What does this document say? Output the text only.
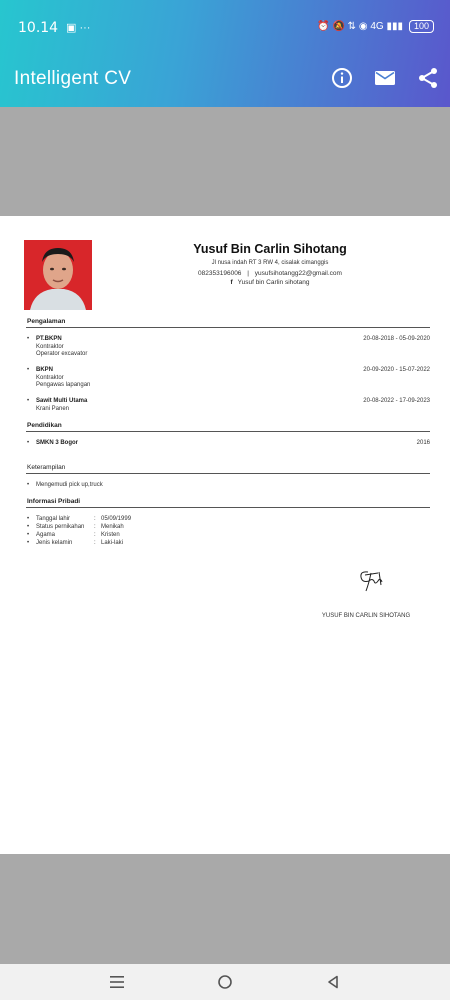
10.14 ▣ ···	⏰ 🔕 ⇅ ◉ 4G ▮▮▮	100
Intelligent CV
Yusuf Bin Carlin Sihotang
Jl nusa indah RT 3 RW 4, cisalak cimanggis
082353196006 | yusufsihotangg22@gmail.com
f Yusuf bin Carlin sihotang
Pengalaman
• PT.BKPN
Kontraktor
Operator excavator
20-08-2018 - 05-09-2020
• BKPN
Kontraktor
Pengawas lapangan
20-09-2020 - 15-07-2022
• Sawit Multi Utama
Krani Panen
20-08-2022 - 17-09-2023
Pendidikan
• SMKN 3 Bogor	2016
Keterampilan
• Mengemudi pick up,truck
Informasi Pribadi
• Tanggal lahir	: 05/09/1999
• Status pernikahan : Menikah
• Agama	: Kristen
• Jenis kelamin	: Laki-laki
YUSUF BIN CARLIN SIHOTANG
